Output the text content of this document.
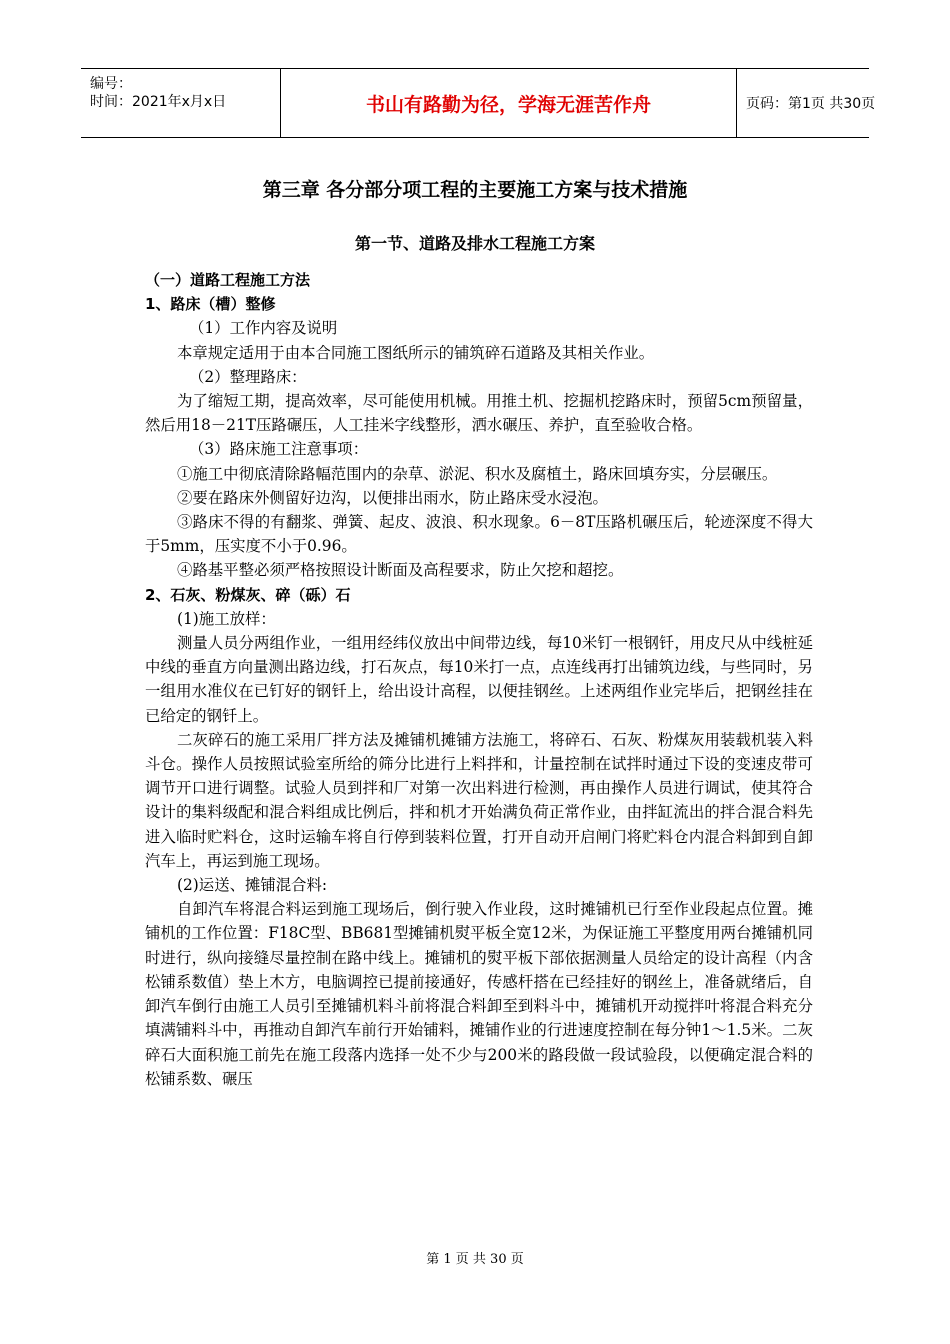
编号：
时间：2021年x月x日	书山有路勤为径，学海无涯苦作舟	页码：第1页 共30页
第三章 各分部分项工程的主要施工方案与技术措施
第一节、道路及排水工程施工方案

（一）道路工程施工方法

1、路床（槽）整修

（1）工作内容及说明

本章规定适用于由本合同施工图纸所示的铺筑碎石道路及其相关作业。

（2）整理路床：

为了缩短工期，提高效率，尽可能使用机械。用推土机、挖掘机挖路床时，预留5cm预留量，然后用18－21T压路碾压，人工挂米字线整形，洒水碾压、养护，直至验收合格。

（3）路床施工注意事项：

①施工中彻底清除路幅范围内的杂草、淤泥、积水及腐植土，路床回填夯实，分层碾压。

②要在路床外侧留好边沟，以便排出雨水，防止路床受水浸泡。

③路床不得的有翻浆、弹簧、起皮、波浪、积水现象。6－8T压路机碾压后，轮迹深度不得大于5mm，压实度不小于0.96。

④路基平整必须严格按照设计断面及高程要求，防止欠挖和超挖。

2、石灰、粉煤灰、碎（砾）石

(1)施工放样：

测量人员分两组作业，一组用经纬仪放出中间带边线，每10米钉一根钢钎，用皮尺从中线桩延中线的垂直方向量测出路边线，打石灰点，每10米打一点，点连线再打出铺筑边线，与些同时，另一组用水准仪在已钉好的钢钎上，给出设计高程，以便挂钢丝。上述两组作业完毕后，把钢丝挂在已给定的钢钎上。

二灰碎石的施工采用厂拌方法及摊铺机摊铺方法施工，将碎石、石灰、粉煤灰用装载机装入料斗仓。操作人员按照试验室所给的筛分比进行上料拌和，计量控制在试拌时通过下设的变速皮带可调节开口进行调整。试验人员到拌和厂对第一次出料进行检测，再由操作人员进行调试，使其符合设计的集料级配和混合料组成比例后，拌和机才开始满负荷正常作业，由拌缸流出的拌合混合料先进入临时贮料仓，这时运输车将自行停到装料位置，打开自动开启闸门将贮料仓内混合料卸到自卸汽车上，再运到施工现场。

(2)运送、摊铺混合料:

自卸汽车将混合料运到施工现场后，倒行驶入作业段，这时摊铺机已行至作业段起点位置。摊铺机的工作位置：F18C型、BB681型摊铺机熨平板全宽12米，为保证施工平整度用两台摊铺机同时进行，纵向接缝尽量控制在路中线上。摊铺机的熨平板下部依据测量人员给定的设计高程（内含松铺系数值）垫上木方，电脑调控已提前接通好，传感杆搭在已经挂好的钢丝上，准备就绪后，自卸汽车倒行由施工人员引至摊铺机料斗前将混合料卸至到料斗中，摊铺机开动搅拌叶将混合料充分填满铺料斗中，再推动自卸汽车前行开始铺料，摊铺作业的行进速度控制在每分钟1～1.5米。二灰碎石大面积施工前先在施工段落内选择一处不少与200米的路段做一段试验段，以便确定混合料的松铺系数、碾压

第 1 页 共 30 页
